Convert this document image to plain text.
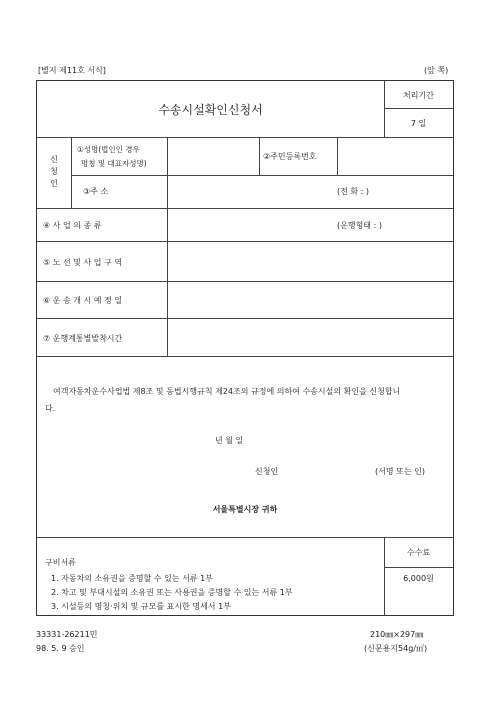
[별지 제11호 서식]	(앞 쪽)
수송시설확인신청서
처리기간
7 일
신
청
인
①성명(법인인 경우
명칭 및 대표자성명)
②주민등록번호
③주 소	(전 화 : )
④ 사 업 의 종 류	(운행형태 : )
⑤ 노 선 및 사 업 구 역
⑥ 운 송 개 시 예 정 일
⑦ 운행계통별발착시간
여객자동차운수사업법 제8조 및 동법시행규칙 제24조의 규정에 의하여 수송시설의 확인을 신청합니
다.
년 월 일
신청인	(서명 또는 인)
서울특별시장 귀하
구비서류
1. 자동차의 소유권을 증명할 수 있는 서류 1부
2. 차고 및 부대시설의 소유권 또는 사용권을 증명할 수 있는 서류 1부
3. 시설등의 명칭·위치 및 규모를 표시한 명세서 1부
수수료
6,000원
33331-26211민
98. 5. 9 승인
210㎜×297㎜
(신문용지54g/㎡)
